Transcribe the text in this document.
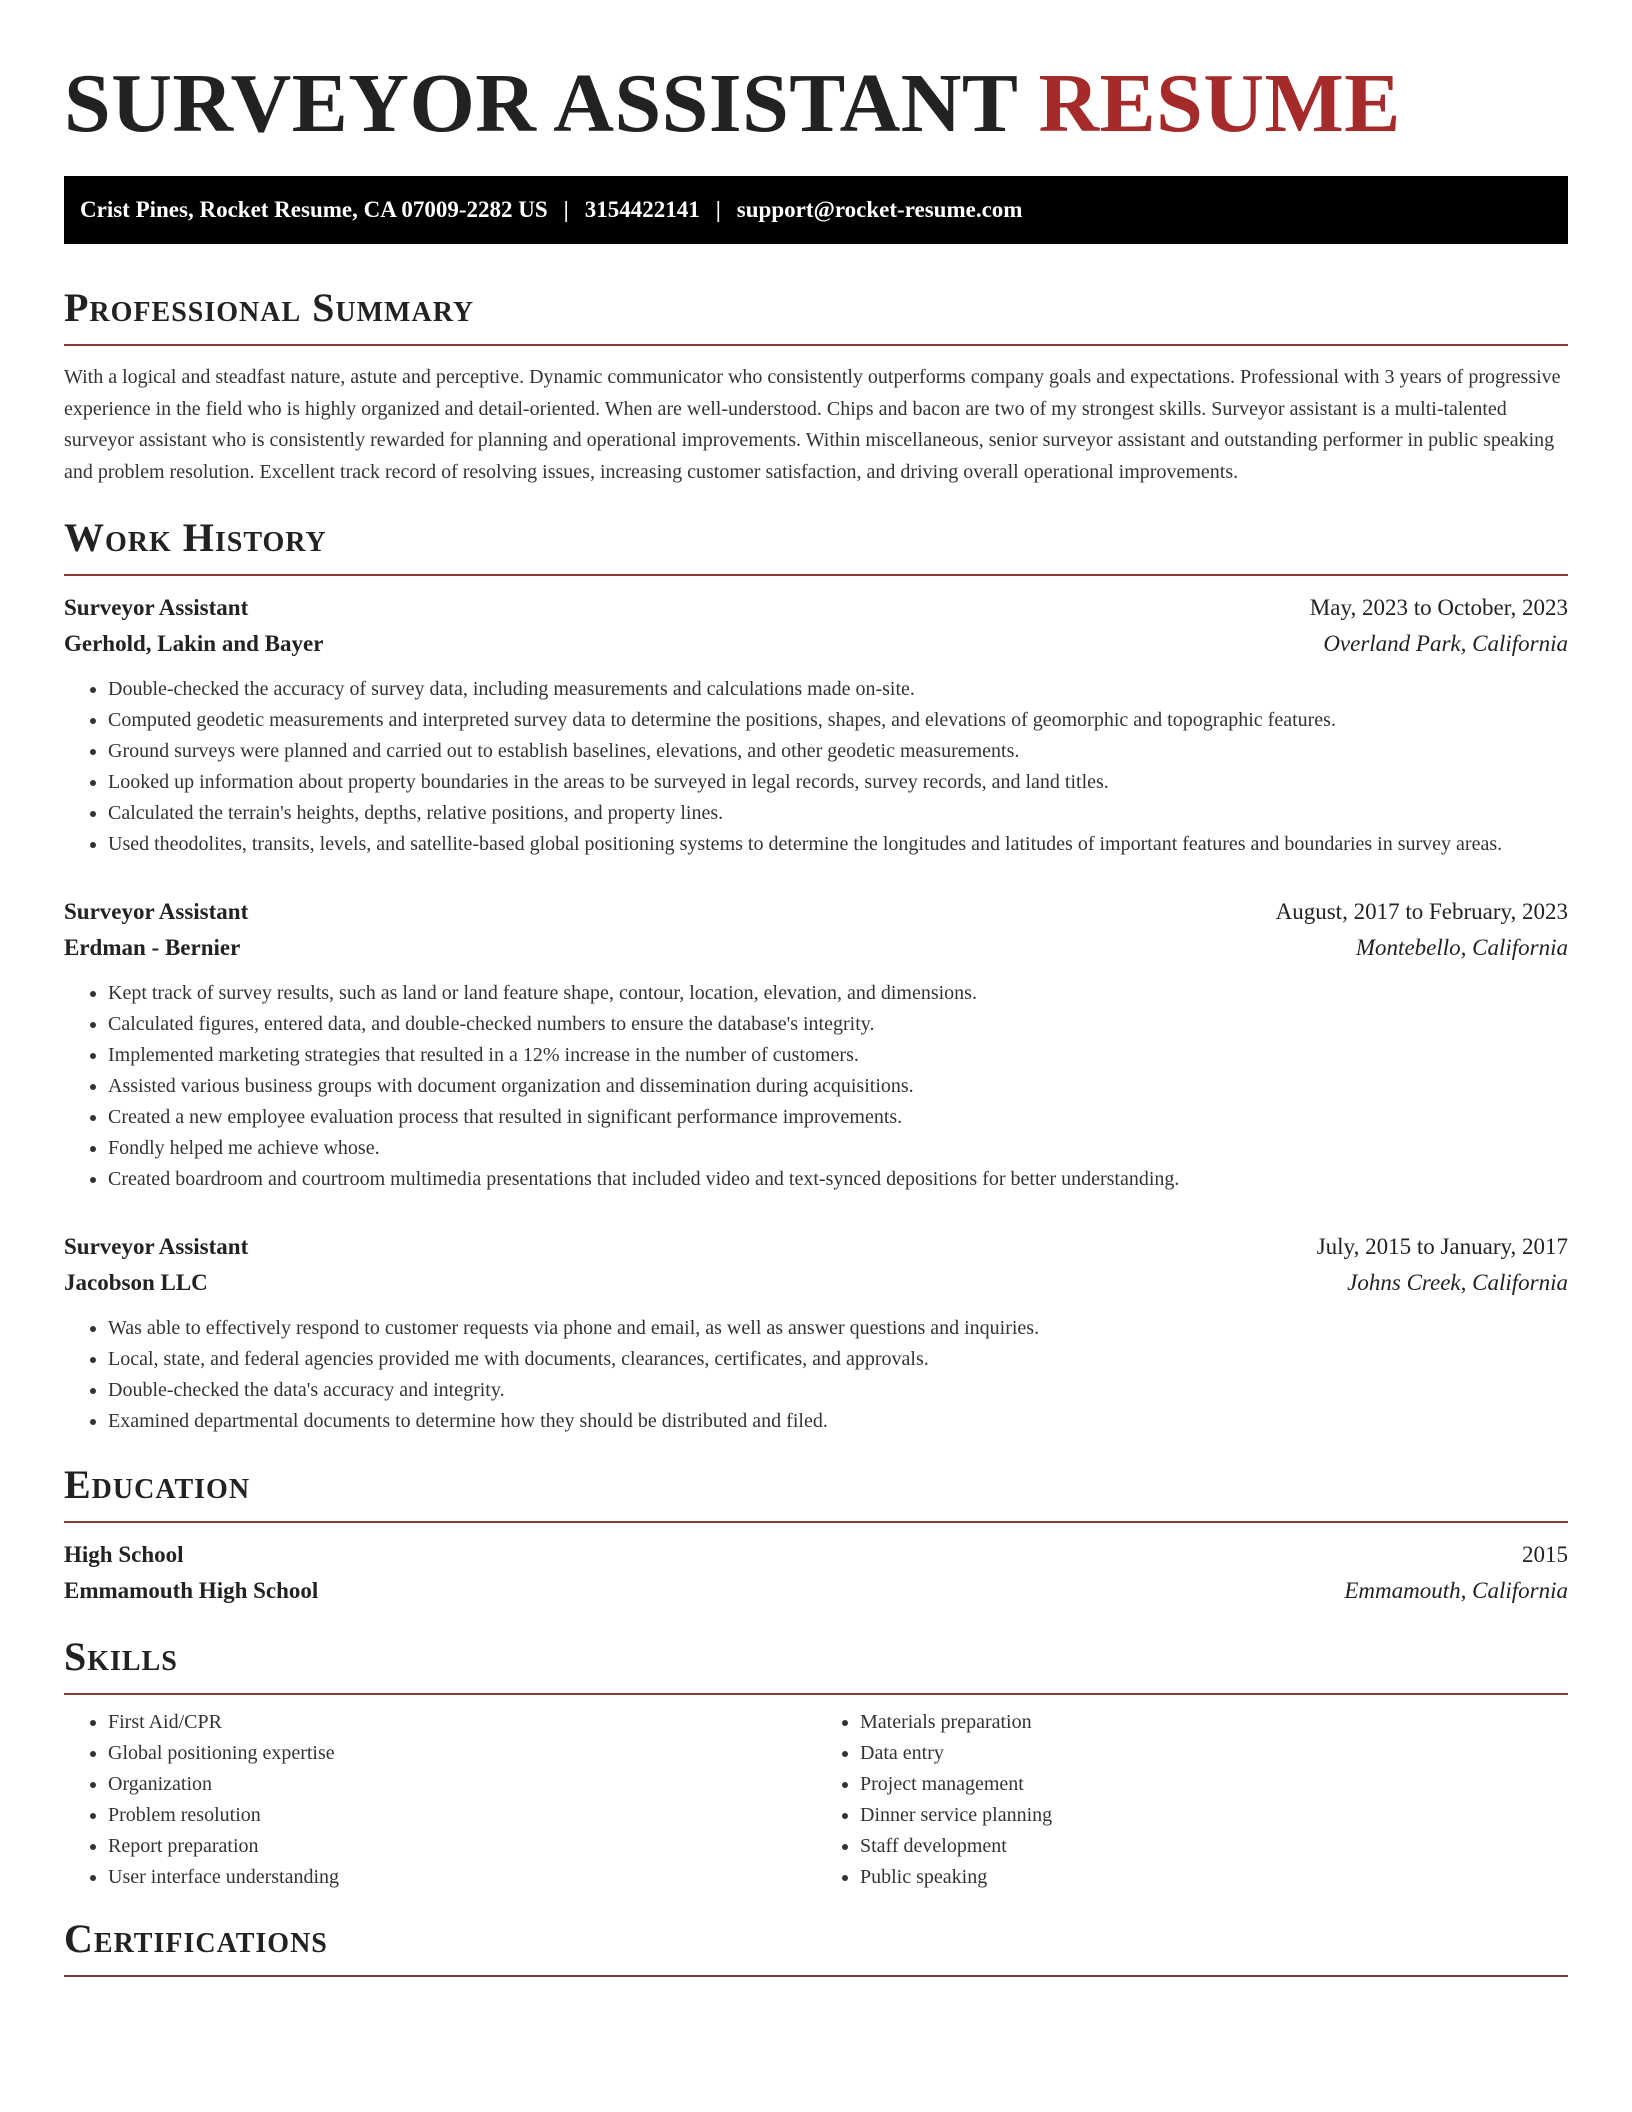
SURVEYOR ASSISTANT RESUME
Crist Pines, Rocket Resume, CA 07009-2282 US | 3154422141 | support@rocket-resume.com
Professional Summary

With a logical and steadfast nature, astute and perceptive. Dynamic communicator who consistently outperforms company goals and expectations. Professional with 3 years of progressive experience in the field who is highly organized and detail-oriented. When are well-understood. Chips and bacon are two of my strongest skills. Surveyor assistant is a multi-talented surveyor assistant who is consistently rewarded for planning and operational improvements. Within miscellaneous, senior surveyor assistant and outstanding performer in public speaking and problem resolution. Excellent track record of resolving issues, increasing customer satisfaction, and driving overall operational improvements.

Work History
Surveyor Assistant	May, 2023 to October, 2023
Gerhold, Lakin and Bayer	Overland Park, California
• Double-checked the accuracy of survey data, including measurements and calculations made on-site.
• Computed geodetic measurements and interpreted survey data to determine the positions, shapes, and elevations of geomorphic and topographic features.
• Ground surveys were planned and carried out to establish baselines, elevations, and other geodetic measurements.
• Looked up information about property boundaries in the areas to be surveyed in legal records, survey records, and land titles.
• Calculated the terrain's heights, depths, relative positions, and property lines.
• Used theodolites, transits, levels, and satellite-based global positioning systems to determine the longitudes and latitudes of important features and boundaries in survey areas.
Surveyor Assistant	August, 2017 to February, 2023
Erdman - Bernier	Montebello, California
• Kept track of survey results, such as land or land feature shape, contour, location, elevation, and dimensions.
• Calculated figures, entered data, and double-checked numbers to ensure the database's integrity.
• Implemented marketing strategies that resulted in a 12% increase in the number of customers.
• Assisted various business groups with document organization and dissemination during acquisitions.
• Created a new employee evaluation process that resulted in significant performance improvements.
• Fondly helped me achieve whose.
• Created boardroom and courtroom multimedia presentations that included video and text-synced depositions for better understanding.
Surveyor Assistant	July, 2015 to January, 2017
Jacobson LLC	Johns Creek, California
• Was able to effectively respond to customer requests via phone and email, as well as answer questions and inquiries.
• Local, state, and federal agencies provided me with documents, clearances, certificates, and approvals.
• Double-checked the data's accuracy and integrity.
• Examined departmental documents to determine how they should be distributed and filed.
Education
High School	2015
Emmamouth High School	Emmamouth, California
Skills
• First Aid/CPR
• Global positioning expertise
• Organization
• Problem resolution
• Report preparation
• User interface understanding
• Materials preparation
• Data entry
• Project management
• Dinner service planning
• Staff development
• Public speaking
Certifications
